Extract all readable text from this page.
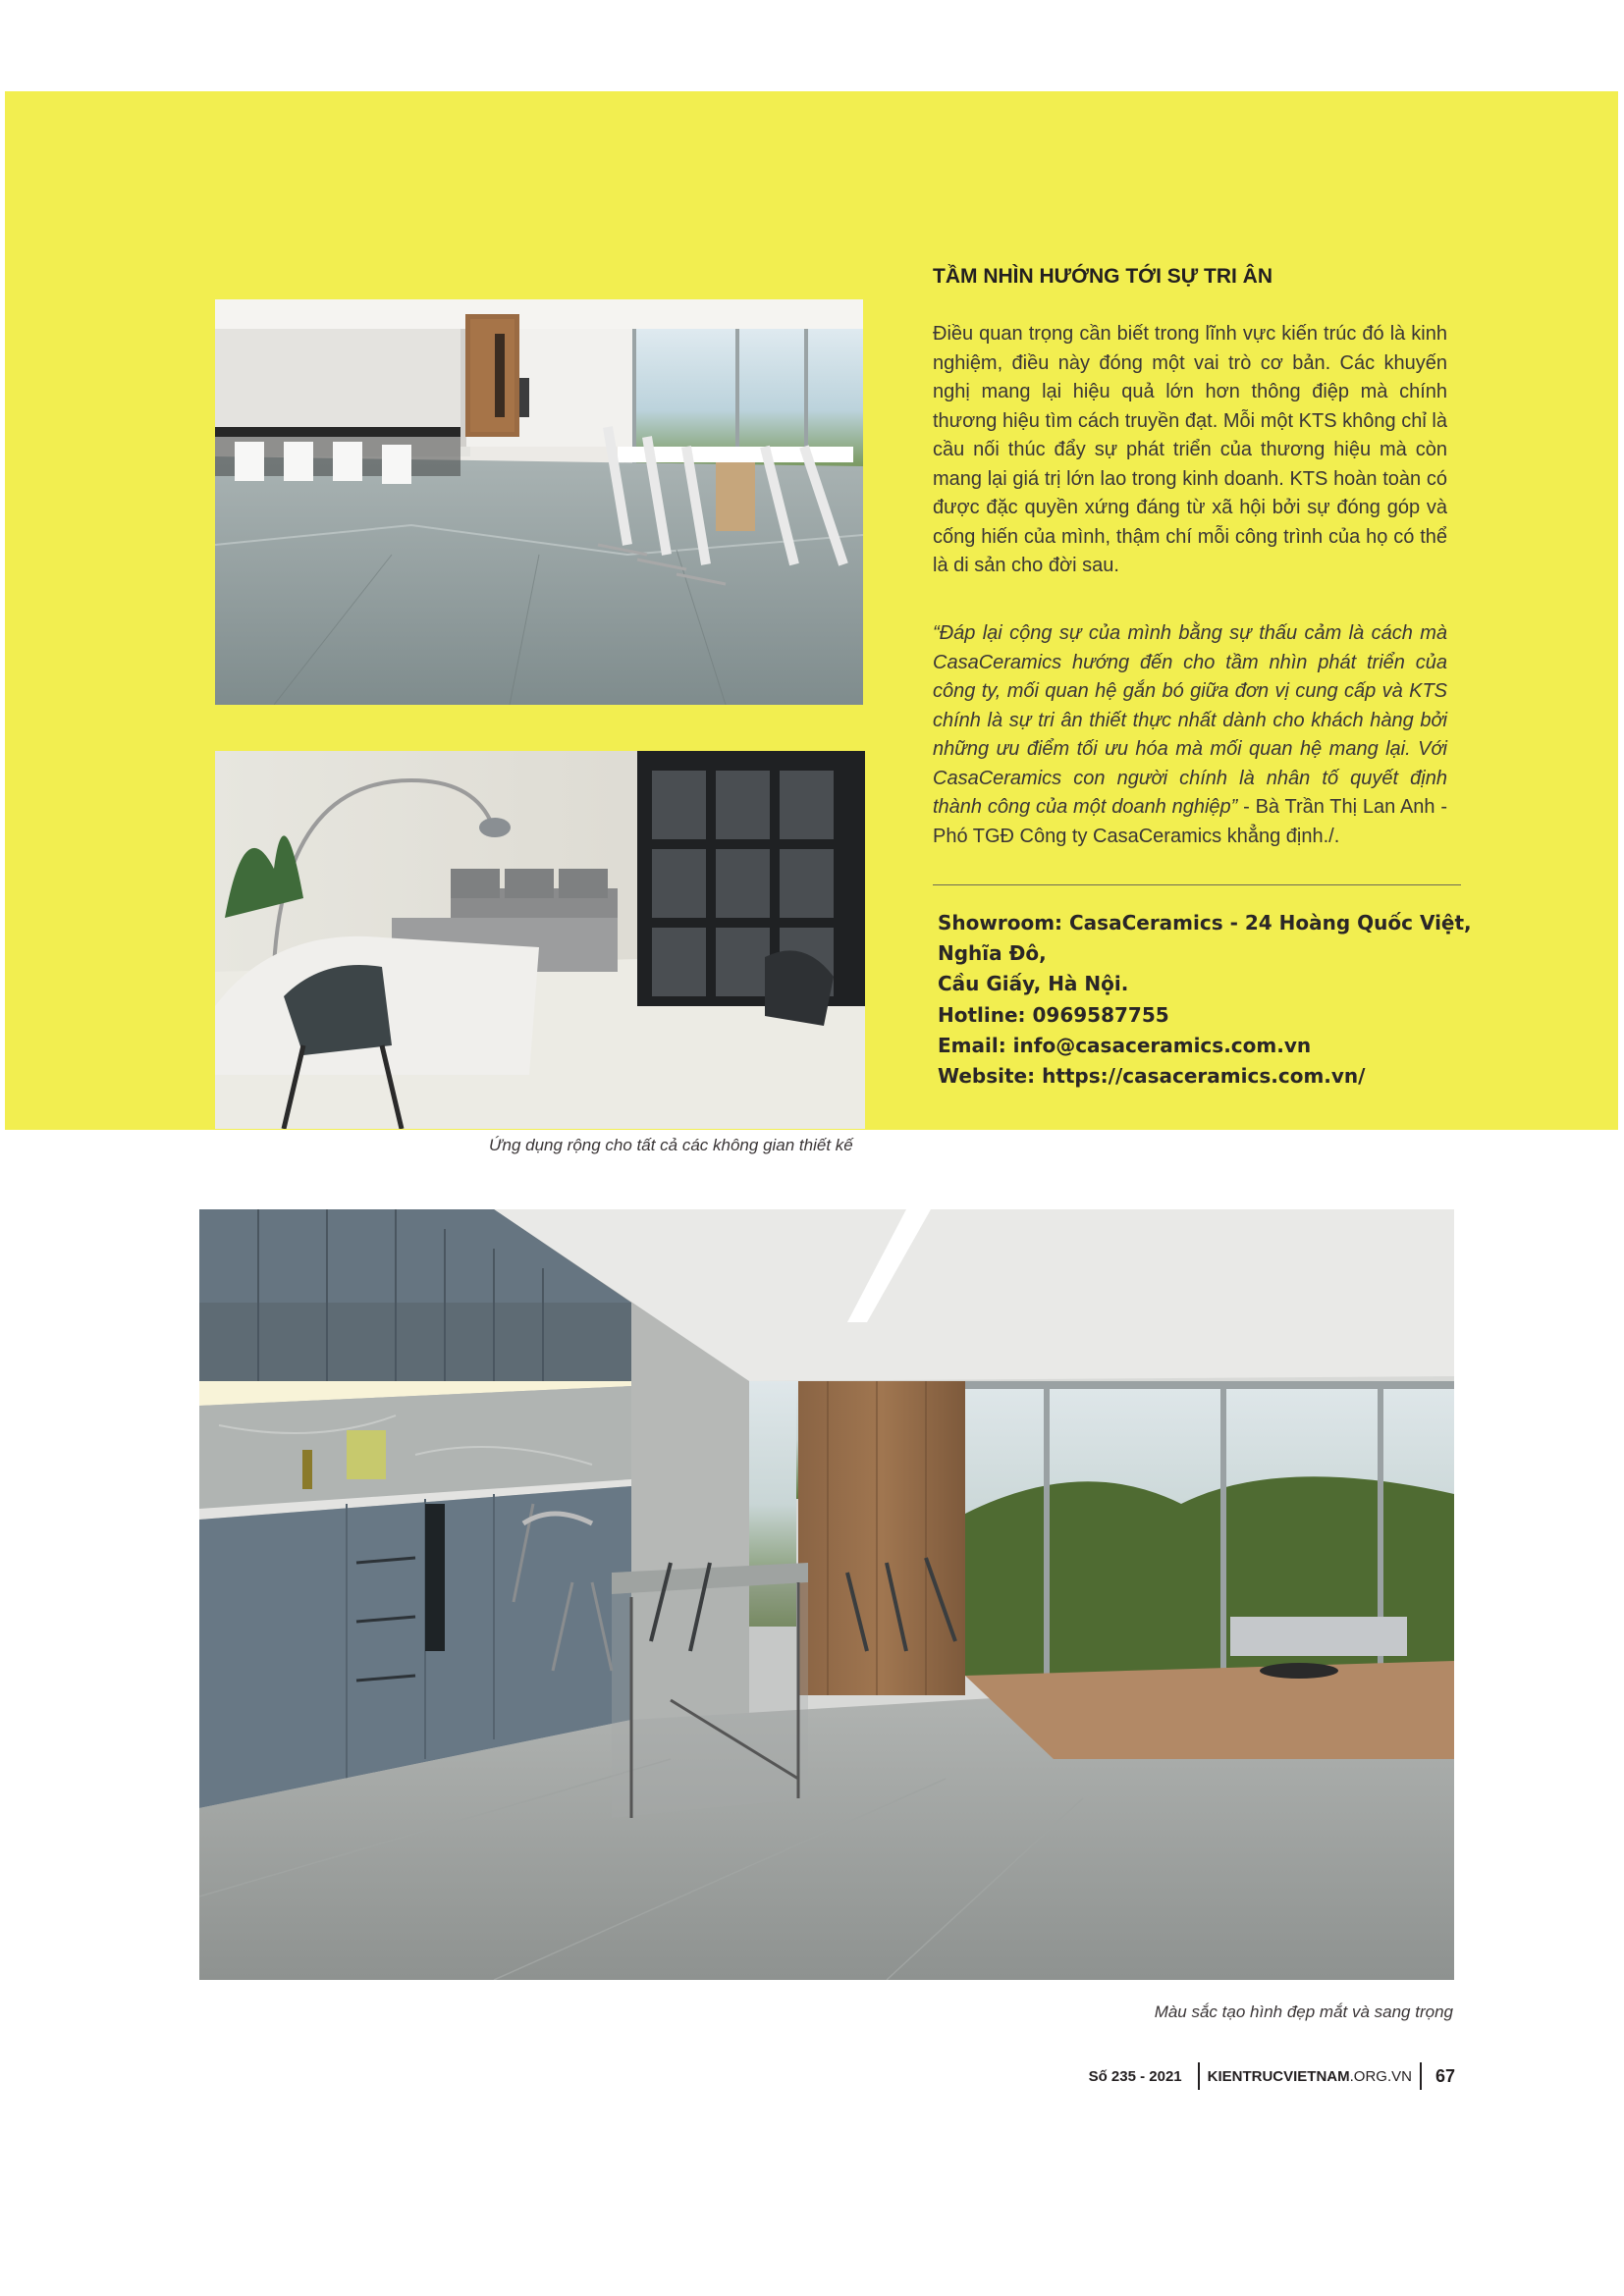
TẦM NHÌN HƯỚNG TỚI SỰ TRI ÂN

Điều quan trọng cần biết trong lĩnh vực kiến trúc đó là kinh nghiệm, điều này đóng một vai trò cơ bản. Các khuyến nghị mang lại hiệu quả lớn hơn thông điệp mà chính thương hiệu tìm cách truyền đạt. Mỗi một KTS không chỉ là cầu nối thúc đẩy sự phát triển của thương hiệu mà còn mang lại giá trị lớn lao trong kinh doanh. KTS hoàn toàn có được đặc quyền xứng đáng từ xã hội bởi sự đóng góp và cống hiến của mình, thậm chí mỗi công trình của họ có thể là di sản cho đời sau.

“Đáp lại cộng sự của mình bằng sự thấu cảm là cách mà CasaCeramics hướng đến cho tầm nhìn phát triển của công ty, mối quan hệ gắn bó giữa đơn vị cung cấp và KTS chính là sự tri ân thiết thực nhất dành cho khách hàng bởi những ưu điểm tối ưu hóa mà mối quan hệ mang lại. Với CasaCeramics con người chính là nhân tố quyết định thành công của một doanh nghiệp” - Bà Trần Thị Lan Anh - Phó TGĐ Công ty CasaCeramics khẳng định./.

Showroom: CasaCeramics - 24 Hoàng Quốc Việt,
Nghĩa Đô,
Cầu Giấy, Hà Nội.
Hotline: 0969587755
Email: info@casaceramics.com.vn
Website: https://casaceramics.com.vn/
Ứng dụng rộng cho tất cả các không gian thiết kế
Màu sắc tạo hình đẹp mắt và sang trọng
Số 235 - 2021	KIENTRUCVIETNAM.ORG.VN	67
